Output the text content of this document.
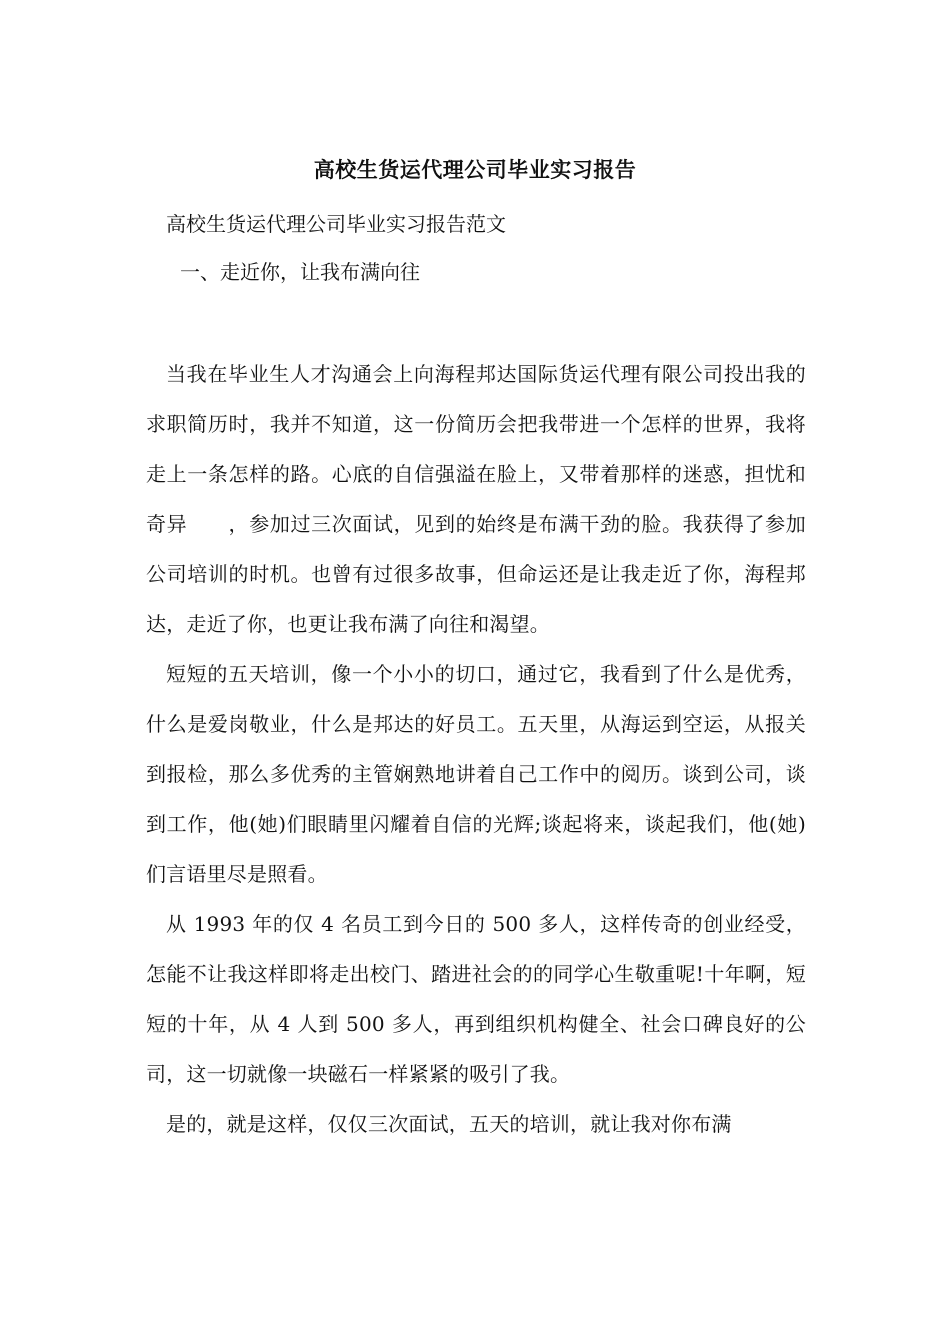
高校生货运代理公司毕业实习报告
高校生货运代理公司毕业实习报告范文
一、走近你，让我布满向往

当我在毕业生人才沟通会上向海程邦达国际货运代理有限公司投出我的求职简历时，我并不知道，这一份简历会把我带进一个怎样的世界，我将走上一条怎样的路。心底的自信强溢在脸上，又带着那样的迷惑，担忧和奇异　　，参加过三次面试，见到的始终是布满干劲的脸。我获得了参加公司培训的时机。也曾有过很多故事，但命运还是让我走近了你，海程邦达，走近了你，也更让我布满了向往和渴望。

短短的五天培训，像一个小小的切口，通过它，我看到了什么是优秀，什么是爱岗敬业，什么是邦达的好员工。五天里，从海运到空运，从报关到报检，那么多优秀的主管娴熟地讲着自己工作中的阅历。谈到公司，谈到工作，他(她)们眼睛里闪耀着自信的光辉;谈起将来，谈起我们，他(她)们言语里尽是照看。

从 1993 年的仅 4 名员工到今日的 500 多人，这样传奇的创业经受，怎能不让我这样即将走出校门、踏进社会的的同学心生敬重呢!十年啊，短短的十年，从 4 人到 500 多人，再到组织机构健全、社会口碑良好的公司，这一切就像一块磁石一样紧紧的吸引了我。

是的，就是这样，仅仅三次面试，五天的培训，就让我对你布满
